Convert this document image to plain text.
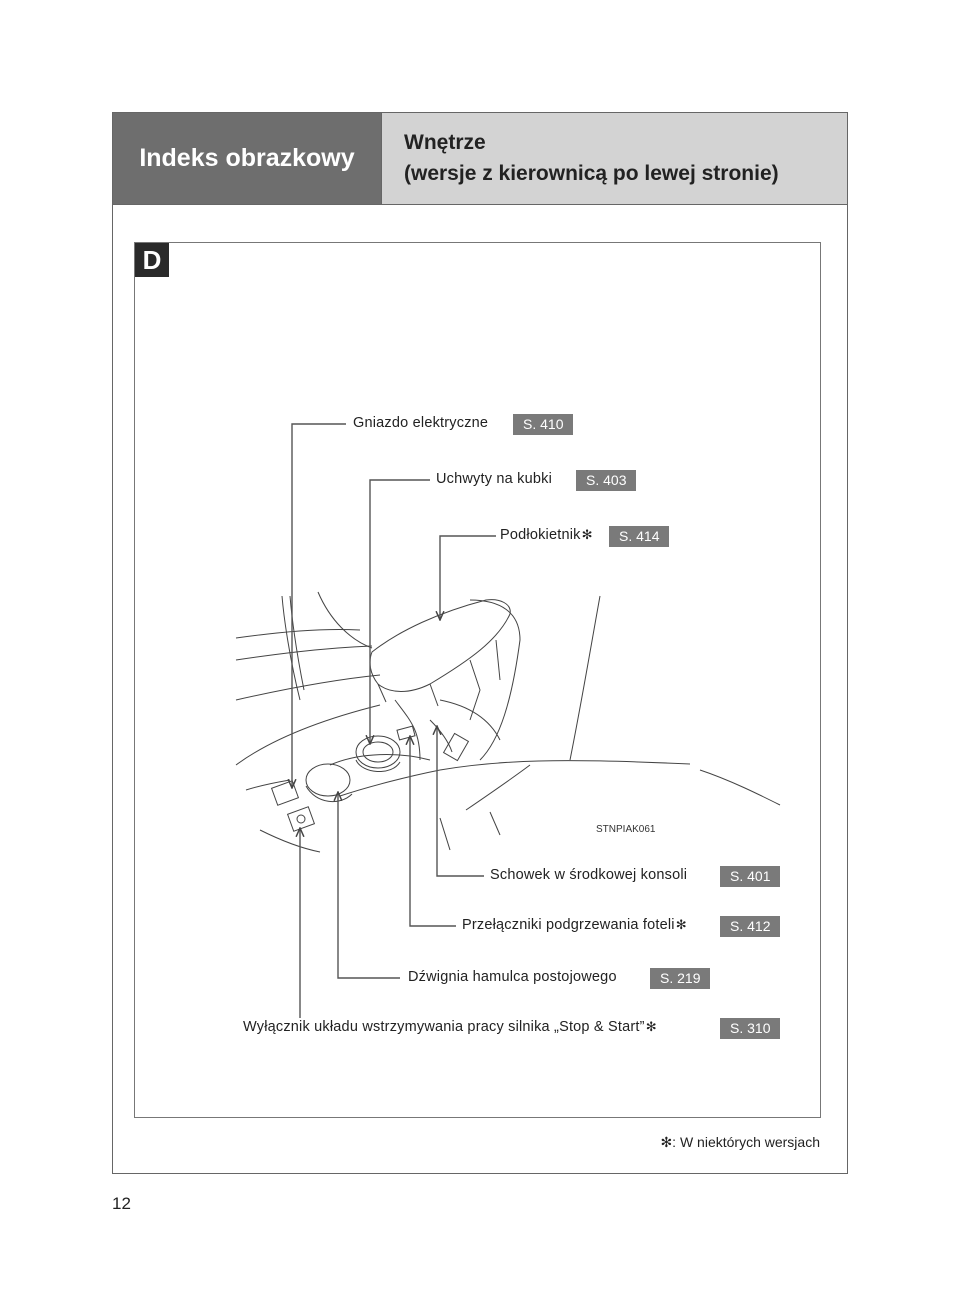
Indeks obrazkowy
Wnętrze
(wersje z kierownicą po lewej stronie)
D
Gniazdo elektryczne	S. 410
Uchwyty na kubki	S. 403
Podłokietnik✻	S. 414
Schowek w środkowej konsoli	S. 401
Przełączniki podgrzewania foteli✻	S. 412
Dźwignia hamulca postojowego	S. 219
Wyłącznik układu wstrzymywania pracy silnika „Stop & Start”✻	S. 310
STNPIAK061
✻: W niektórych wersjach
12
